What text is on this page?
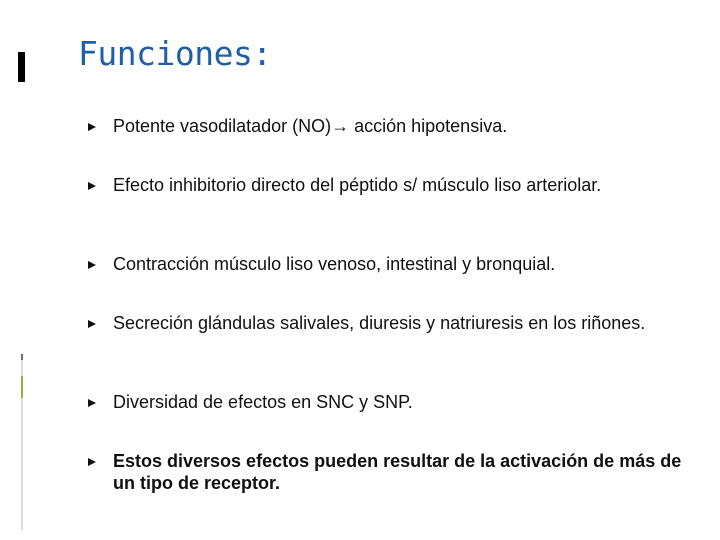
Funciones:
Potente vasodilatador (NO)→ acción hipotensiva.
Efecto inhibitorio directo del péptido s/ músculo liso arteriolar.
Contracción músculo liso venoso, intestinal y bronquial.
Secreción glándulas salivales, diuresis y natriuresis en los riñones.
Diversidad de efectos en SNC y SNP.
Estos diversos efectos pueden resultar de la activación de más de un tipo de receptor.
